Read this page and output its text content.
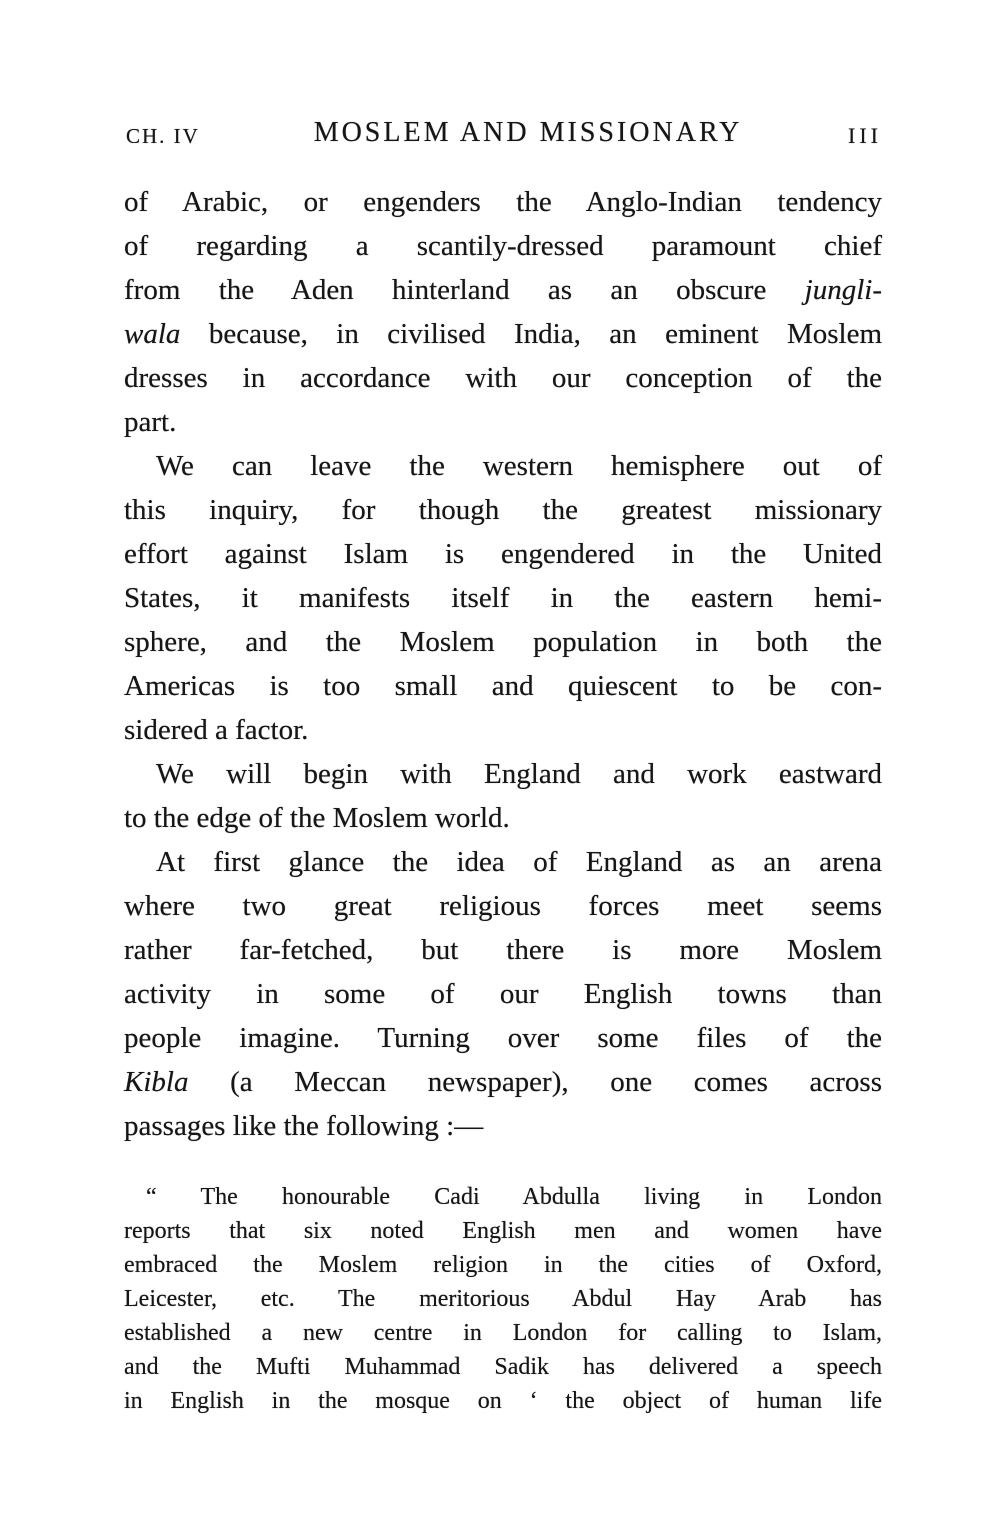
CH. IV	MOSLEM AND MISSIONARY	III
of Arabic, or engenders the Anglo-Indian tendency
of regarding a scantily-dressed paramount chief
from the Aden hinterland as an obscure jungli-
wala because, in civilised India, an eminent Moslem
dresses in accordance with our conception of the
part.
We can leave the western hemisphere out of
this inquiry, for though the greatest missionary
effort against Islam is engendered in the United
States, it manifests itself in the eastern hemi-
sphere, and the Moslem population in both the
Americas is too small and quiescent to be con-
sidered a factor.
We will begin with England and work eastward
to the edge of the Moslem world.
At first glance the idea of England as an arena
where two great religious forces meet seems
rather far-fetched, but there is more Moslem
activity in some of our English towns than
people imagine. Turning over some files of the
Kibla (a Meccan newspaper), one comes across
passages like the following :—
“ The honourable Cadi Abdulla living in London
reports that six noted English men and women have
embraced the Moslem religion in the cities of Oxford,
Leicester, etc. The meritorious Abdul Hay Arab has
established a new centre in London for calling to Islam,
and the Mufti Muhammad Sadik has delivered a speech
in English in the mosque on ‘ the object of human life
